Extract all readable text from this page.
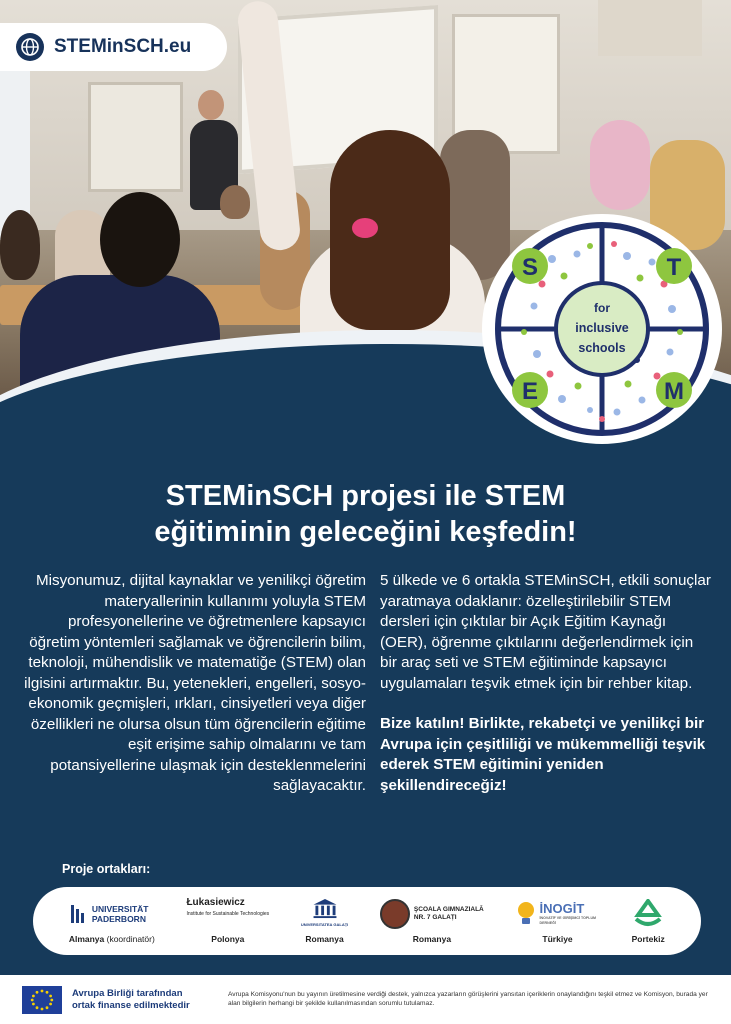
STEMinSCH.eu
S	T
E	M
for
inclusive
schools
STEMinSCH projesi ile STEM
eğitiminin geleceğini keşfedin!

Misyonumuz, dijital kaynaklar ve yenilikçi öğretim materyallerinin kullanımı yoluyla STEM profesyonellerine ve öğretmenlere kapsayıcı öğretim yöntemleri sağlamak ve öğrencilerin bilim, teknoloji, mühendislik ve matematiğe (STEM) olan ilgisini artırmaktır. Bu, yetenekleri, engelleri, sosyo-ekonomik geçmişleri, ırkları, cinsiyetleri veya diğer özellikleri ne olursa olsun tüm öğrencilerin eğitime eşit erişime sahip olmalarını ve tam potansiyellerine ulaşmak için desteklenmelerini sağlayacaktır.

5 ülkede ve 6 ortakla STEMinSCH, etkili sonuçlar yaratmaya odaklanır: özelleştirilebilir STEM dersleri için çıktılar bir Açık Eğitim Kaynağı (OER), öğrenme çıktılarını değerlendirmek için bir araç seti ve STEM eğitiminde kapsayıcı uygulamaları teşvik etmek için bir rehber kitap.

Bize katılın! Birlikte, rekabetçi ve yenilikçi bir Avrupa için çeşitliliği ve mükemmelliği teşvik ederek STEM eğitimini yeniden şekillendireceğiz!

Proje ortakları:
UNIVERSITÄT PADERBORN
Almanya (koordinatör)
Łukasiewicz
Institute for Sustainable Technologies
Polonya
UNIVERSITATEA GALAȚI
Romanya
ŞCOALA GIMNAZIALĂ NR. 7 GALAȚI
Romanya
İNOGİT
İNOVATİF VE GİRİŞİMCİ TOPLUM DERNEĞİ
Türkiye	Portekiz
Avrupa Birliği tarafından
ortak finanse edilmektedir
Avrupa Komisyonu'nun bu yayının üretilmesine verdiği destek, yalnızca yazarların görüşlerini yansıtan içeriklerin onaylandığını teşkil etmez ve Komisyon, burada yer alan bilgilerin herhangi bir şekilde kullanılmasından sorumlu tutulamaz.
